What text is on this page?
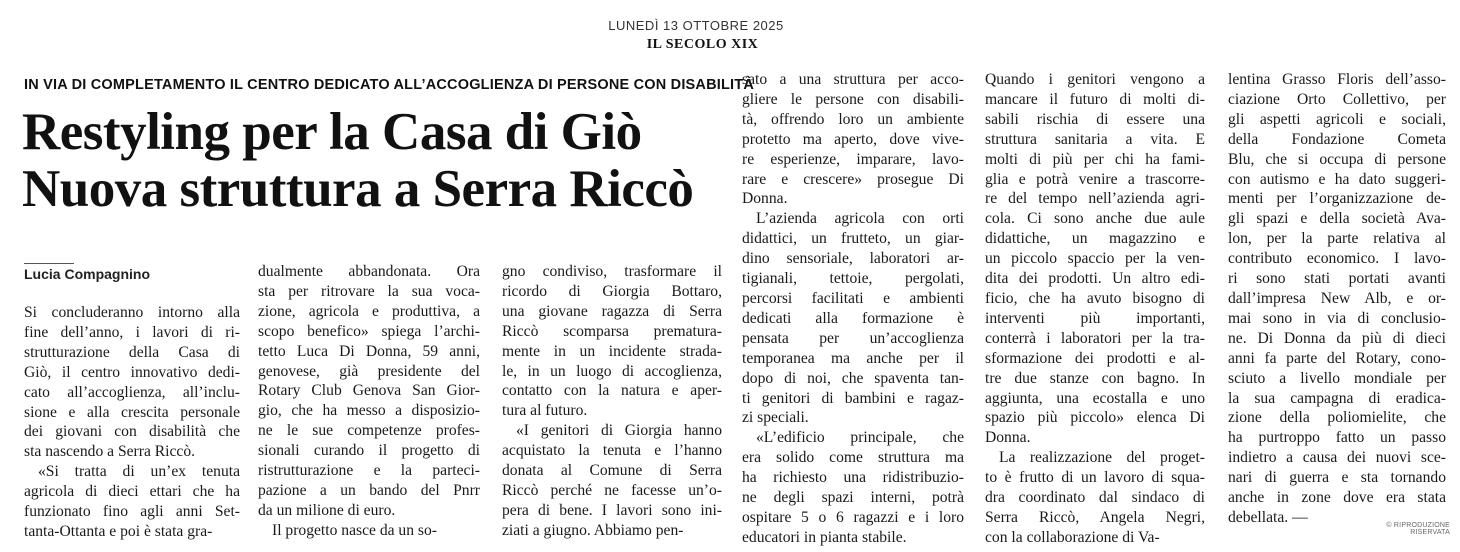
LUNEDÌ 13 OTTOBRE 2025
IL SECOLO XIX
IN VIA DI COMPLETAMENTO IL CENTRO DEDICATO ALL’ACCOGLIENZA DI PERSONE CON DISABILITÀ
Restyling per la Casa di Giò
Nuova struttura a Serra Riccò
Lucia Compagnino
Si concluderanno intorno alla
fine dell’anno, i lavori di ri-
strutturazione della Casa di
Giò, il centro innovativo dedi-
cato all’accoglienza, all’inclu-
sione e alla crescita personale
dei giovani con disabilità che
sta nascendo a Serra Riccò.
«Si tratta di un’ex tenuta
agricola di dieci ettari che ha
funzionato fino agli anni Set-
tanta-Ottanta e poi è stata gra-
dualmente abbandonata. Ora
sta per ritrovare la sua voca-
zione, agricola e produttiva, a
scopo benefico» spiega l’archi-
tetto Luca Di Donna, 59 anni,
genovese, già presidente del
Rotary Club Genova San Gior-
gio, che ha messo a disposizio-
ne le sue competenze profes-
sionali curando il progetto di
ristrutturazione e la parteci-
pazione a un bando del Pnrr
da un milione di euro.
Il progetto nasce da un so-
gno condiviso, trasformare il
ricordo di Giorgia Bottaro,
una giovane ragazza di Serra
Riccò scomparsa prematura-
mente in un incidente strada-
le, in un luogo di accoglienza,
contatto con la natura e aper-
tura al futuro.
«I genitori di Giorgia hanno
acquistato la tenuta e l’hanno
donata al Comune di Serra
Riccò perché ne facesse un’o-
pera di bene. I lavori sono ini-
ziati a giugno. Abbiamo pen-
sato a una struttura per acco-
gliere le persone con disabili-
tà, offrendo loro un ambiente
protetto ma aperto, dove vive-
re esperienze, imparare, lavo-
rare e crescere» prosegue Di
Donna.
L’azienda agricola con orti
didattici, un frutteto, un giar-
dino sensoriale, laboratori ar-
tigianali, tettoie, pergolati,
percorsi facilitati e ambienti
dedicati alla formazione è
pensata per un’accoglienza
temporanea ma anche per il
dopo di noi, che spaventa tan-
ti genitori di bambini e ragaz-
zi speciali.
«L’edificio principale, che
era solido come struttura ma
ha richiesto una ridistribuzio-
ne degli spazi interni, potrà
ospitare 5 o 6 ragazzi e i loro
educatori in pianta stabile.
Quando i genitori vengono a
mancare il futuro di molti di-
sabili rischia di essere una
struttura sanitaria a vita. E
molti di più per chi ha fami-
glia e potrà venire a trascorre-
re del tempo nell’azienda agri-
cola. Ci sono anche due aule
didattiche, un magazzino e
un piccolo spaccio per la ven-
dita dei prodotti. Un altro edi-
ficio, che ha avuto bisogno di
interventi più importanti,
conterrà i laboratori per la tra-
sformazione dei prodotti e al-
tre due stanze con bagno. In
aggiunta, una ecostalla e uno
spazio più piccolo» elenca Di
Donna.
La realizzazione del proget-
to è frutto di un lavoro di squa-
dra coordinato dal sindaco di
Serra Riccò, Angela Negri,
con la collaborazione di Va-
lentina Grasso Floris dell’asso-
ciazione Orto Collettivo, per
gli aspetti agricoli e sociali,
della Fondazione Cometa
Blu, che si occupa di persone
con autismo e ha dato suggeri-
menti per l’organizzazione de-
gli spazi e della società Ava-
lon, per la parte relativa al
contributo economico. I lavo-
ri sono stati portati avanti
dall’impresa New Alb, e or-
mai sono in via di conclusio-
ne. Di Donna da più di dieci
anni fa parte del Rotary, cono-
sciuto a livello mondiale per
la sua campagna di eradica-
zione della poliomielite, che
ha purtroppo fatto un passo
indietro a causa dei nuovi sce-
nari di guerra e sta tornando
anche in zone dove era stata
debellata. —	© RIPRODUZIONE RISERVATA
